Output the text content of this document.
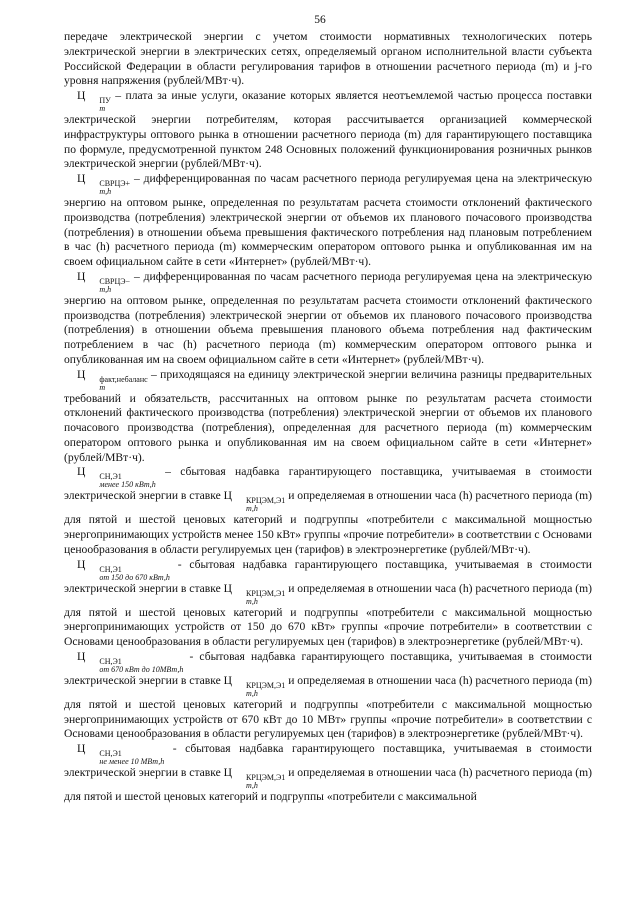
56

передаче электрической энергии с учетом стоимости нормативных технологических потерь электрической энергии в электрических сетях, определяемый органом исполнительной власти субъекта Российской Федерации в области регулирования тарифов в отношении расчетного периода (m) и j-го уровня напряжения (рублей/МВт·ч).

Ц	ПУ
m
– плата за иные услуги, оказание которых является неотъемлемой частью процесса поставки электрической энергии потребителям, которая рассчитывается организацией коммерческой инфраструктуры оптового рынка в отношении расчетного периода (m) для гарантирующего поставщика по формуле, предусмотренной пунктом 248 Основных положений функционирования розничных рынков электрической энергии (рублей/МВт·ч).

Ц	СВРЦЭ+
m,h
– дифференцированная по часам расчетного периода регулируемая цена на электрическую энергию на оптовом рынке, определенная по результатам расчета стоимости отклонений фактического производства (потребления) электрической энергии от объемов их планового почасового производства (потребления) в отношении объема превышения фактического потребления над плановым потреблением в час (h) расчетного периода (m) коммерческим оператором оптового рынка и опубликованная им на своем официальном сайте в сети «Интернет» (рублей/МВт·ч).

Ц	СВРЦЭ−
m,h
– дифференцированная по часам расчетного периода регулируемая цена на электрическую энергию на оптовом рынке, определенная по результатам расчета стоимости отклонений фактического производства (потребления) электрической энергии от объемов их планового почасового производства (потребления) в отношении объема превышения планового объема потребления над фактическим потреблением в час (h) расчетного периода (m) коммерческим оператором оптового рынка и опубликованная им на своем официальном сайте в сети «Интернет» (рублей/МВт·ч).

Ц	факт,небаланс
m
– приходящаяся на единицу электрической энергии величина разницы предварительных требований и обязательств, рассчитанных на оптовом рынке по результатам расчета стоимости отклонений фактического производства (потребления) электрической энергии от объемов их планового почасового производства (потребления), определенная для расчетного периода (m) коммерческим оператором оптового рынка и опубликованная им на своем официальном сайте в сети «Интернет» (рублей/МВт·ч).

Ц	СН,Э1
менее 150 кВт,h
– сбытовая надбавка гарантирующего поставщика, учитываемая в стоимости электрической энергии в ставке Ц	КРЦЭМ,Э1
m,h
и определяемая в отношении часа (h) расчетного периода (m) для пятой и шестой ценовых категорий и подгруппы «потребители с максимальной мощностью энергопринимающих устройств менее 150 кВт» группы «прочие потребители» в соответствии с Основами ценообразования в области регулируемых цен (тарифов) в электроэнергетике (рублей/МВт·ч).

Ц	СН,Э1
от 150 до 670 кВт,h
- сбытовая надбавка гарантирующего поставщика, учитываемая в стоимости электрической энергии в ставке Ц	КРЦЭМ,Э1
m,h
и определяемая в отношении часа (h) расчетного периода (m) для пятой и шестой ценовых категорий и подгруппы «потребители с максимальной мощностью энергопринимающих устройств от 150 до 670 кВт» группы «прочие потребители» в соответствии с Основами ценообразования в области регулируемых цен (тарифов) в электроэнергетике (рублей/МВт·ч).

Ц	СН,Э1
от 670 кВт до 10МВт,h
- сбытовая надбавка гарантирующего поставщика, учитываемая в стоимости электрической энергии в ставке Ц	КРЦЭМ,Э1
m,h
и определяемая в отношении часа (h) расчетного периода (m) для пятой и шестой ценовых категорий и подгруппы «потребители с максимальной мощностью энергопринимающих устройств от 670 кВт до 10 МВт» группы «прочие потребители» в соответствии с Основами ценообразования в области регулируемых цен (тарифов) в электроэнергетике (рублей/МВт·ч).

Ц	СН,Э1
не менее 10 МВт,h
- сбытовая надбавка гарантирующего поставщика, учитываемая в стоимости электрической энергии в ставке Ц	КРЦЭМ,Э1
m,h
и определяемая в отношении часа (h) расчетного периода (m) для пятой и шестой ценовых категорий и подгруппы «потребители с максимальной
